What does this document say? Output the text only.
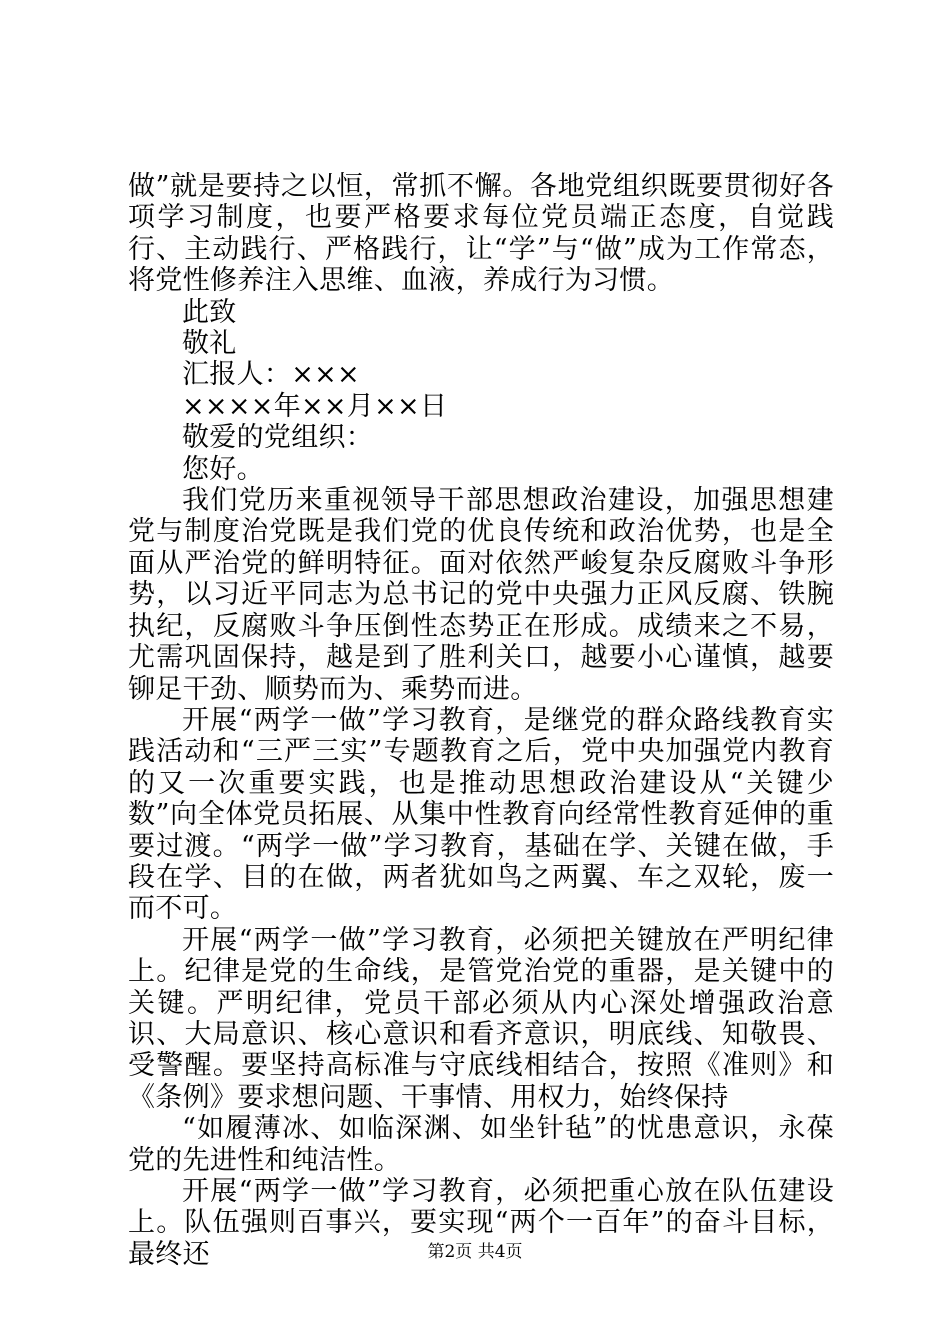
做”就是要持之以恒，常抓不懈。各地党组织既要贯彻好各项学习制度，也要严格要求每位党员端正态度，自觉践行、主动践行、严格践行，让“学”与“做”成为工作常态，将党性修养注入思维、血液，养成行为习惯。

此致

敬礼

汇报人：×××

××××年××月××日

敬爱的党组织：

您好。

我们党历来重视领导干部思想政治建设，加强思想建党与制度治党既是我们党的优良传统和政治优势，也是全面从严治党的鲜明特征。面对依然严峻复杂反腐败斗争形势，以习近平同志为总书记的党中央强力正风反腐、铁腕执纪，反腐败斗争压倒性态势正在形成。成绩来之不易，尤需巩固保持，越是到了胜利关口，越要小心谨慎，越要铆足干劲、顺势而为、乘势而进。

开展“两学一做”学习教育，是继党的群众路线教育实践活动和“三严三实”专题教育之后，党中央加强党内教育的又一次重要实践，也是推动思想政治建设从“关键少数”向全体党员拓展、从集中性教育向经常性教育延伸的重要过渡。“两学一做”学习教育，基础在学、关键在做，手段在学、目的在做，两者犹如鸟之两翼、车之双轮，废一而不可。

开展“两学一做”学习教育，必须把关键放在严明纪律上。纪律是党的生命线，是管党治党的重器，是关键中的关键。严明纪律，党员干部必须从内心深处增强政治意识、大局意识、核心意识和看齐意识，明底线、知敬畏、受警醒。要坚持高标准与守底线相结合，按照《准则》和《条例》要求想问题、干事情、用权力，始终保持

“如履薄冰、如临深渊、如坐针毡”的忧患意识，永葆党的先进性和纯洁性。

开展“两学一做”学习教育，必须把重心放在队伍建设上。队伍强则百事兴，要实现“两个一百年”的奋斗目标，最终还	第2页 共4页
